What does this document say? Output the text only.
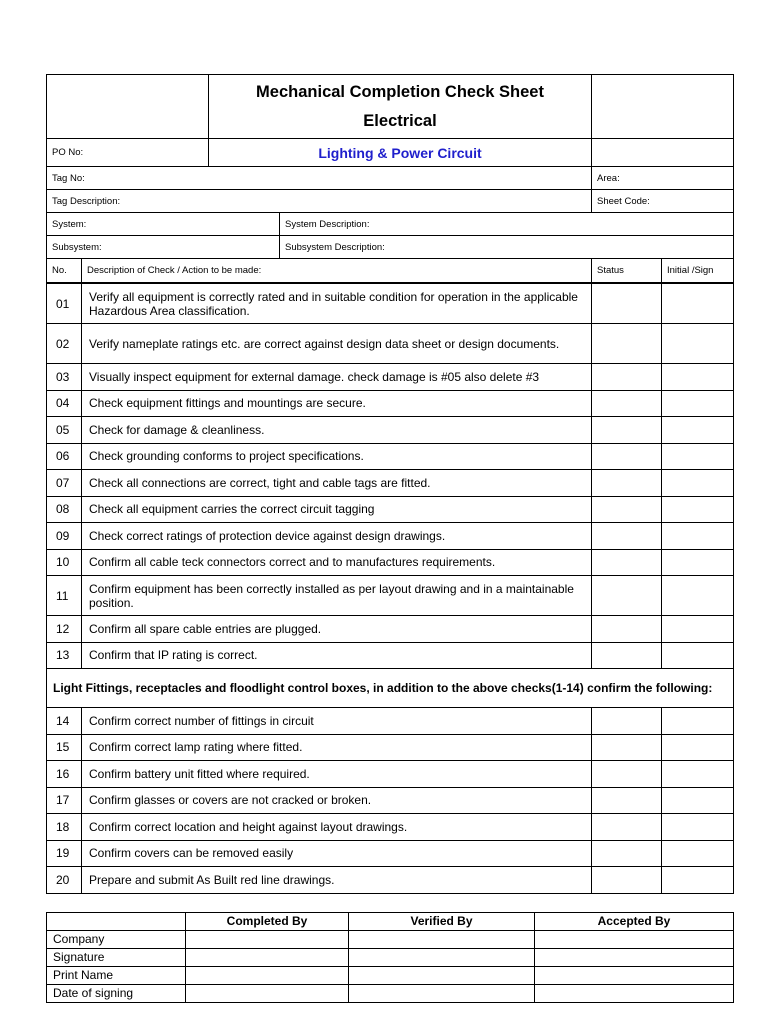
		Mechanical Completion Check Sheet
Electrical			

PO No:		Lighting & Power Circuit			
Tag No:				Area:	
Tag Description:				Sheet Code:	
System:			System Description:		
Subsystem:			Subsystem Description:		
No.	Description of Check / Action to be made:			Status	Initial /Sign
01	Verify all equipment is correctly rated and in suitable condition for operation in the applicable Hazardous Area classification.		
02	Verify nameplate ratings etc. are correct against design data sheet or design documents.		
03	Visually inspect equipment for external damage. check damage is #05 also delete #3		
04	Check equipment fittings and mountings are secure.		
05	Check for damage & cleanliness.		
06	Check grounding conforms to project specifications.		
07	Check all connections are correct, tight and cable tags are fitted.		
08	Check all equipment carries the correct circuit tagging		
09	Check correct ratings of protection device against design drawings.		
10	Confirm all cable teck connectors correct and to manufactures requirements.		
11	Confirm equipment has been correctly installed as per layout drawing and in a maintainable position.		
12	Confirm all spare cable entries are plugged.		
13	Confirm that IP rating is correct.		
Light Fittings, receptacles and floodlight control boxes, in addition to the above checks(1-14) confirm the following:			
14	Confirm correct number of fittings in circuit		
15	Confirm correct lamp rating where fitted.		
16	Confirm battery unit fitted where required.		
17	Confirm glasses or covers are not cracked or broken.		
18	Confirm correct location and height against layout drawings.		
19	Confirm covers can be removed easily		
20	Prepare and submit As Built red line drawings.		
	Completed By	Verified By	Accepted By
Company			
Signature			
Print Name			
Date of signing			
